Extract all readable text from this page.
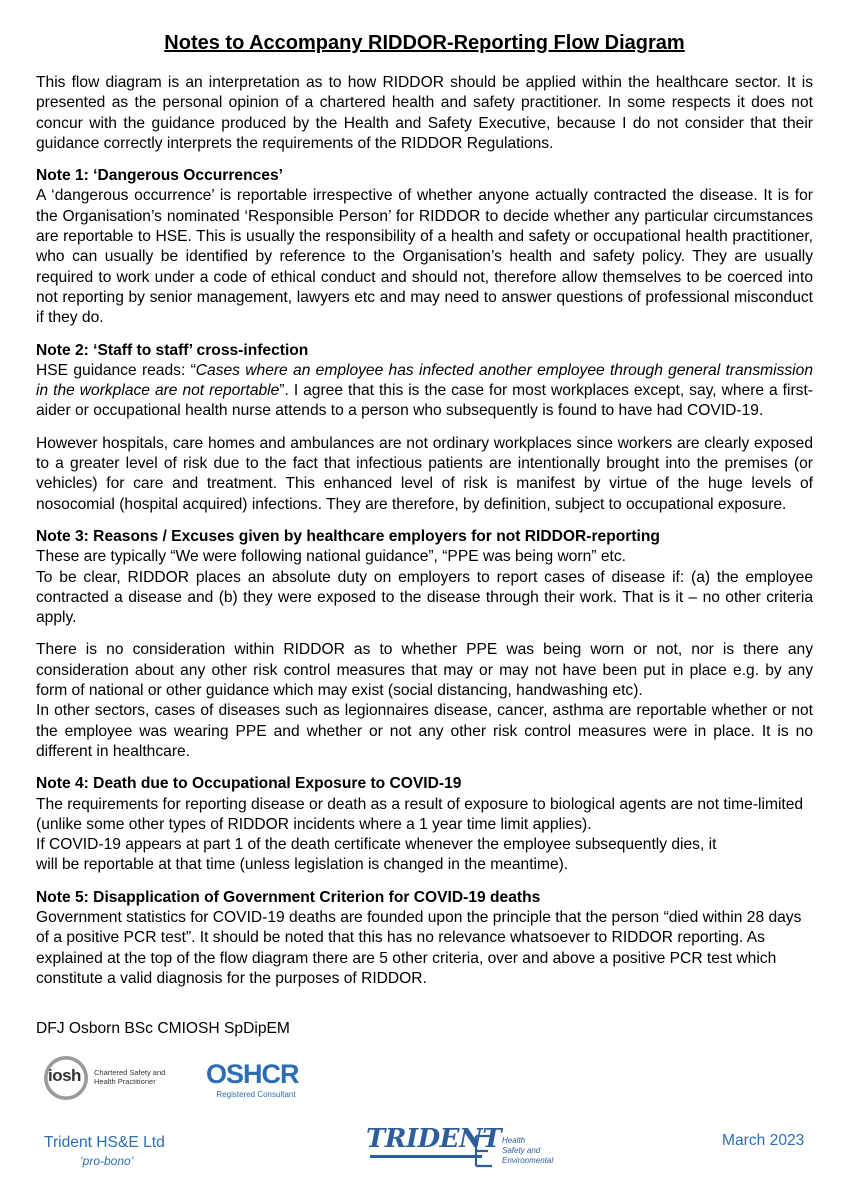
Notes to Accompany RIDDOR-Reporting Flow Diagram

This flow diagram is an interpretation as to how RIDDOR should be applied within the healthcare sector. It is presented as the personal opinion of a chartered health and safety practitioner. In some respects it does not concur with the guidance produced by the Health and Safety Executive, because I do not consider that their guidance correctly interprets the requirements of the RIDDOR Regulations.

Note 1: ‘Dangerous Occurrences’

A ‘dangerous occurrence’ is reportable irrespective of whether anyone actually contracted the disease. It is for the Organisation’s nominated ‘Responsible Person’ for RIDDOR to decide whether any particular circumstances are reportable to HSE. This is usually the responsibility of a health and safety or occupational health practitioner, who can usually be identified by reference to the Organisation’s health and safety policy. They are usually required to work under a code of ethical conduct and should not, therefore allow themselves to be coerced into not reporting by senior management, lawyers etc and may need to answer questions of professional misconduct if they do.

Note 2: ‘Staff to staff’ cross-infection

HSE guidance reads: “Cases where an employee has infected another employee through general transmission in the workplace are not reportable”. I agree that this is the case for most workplaces except, say, where a first-aider or occupational health nurse attends to a person who subsequently is found to have had COVID-19.

However hospitals, care homes and ambulances are not ordinary workplaces since workers are clearly exposed to a greater level of risk due to the fact that infectious patients are intentionally brought into the premises (or vehicles) for care and treatment. This enhanced level of risk is manifest by virtue of the huge levels of nosocomial (hospital acquired) infections. They are therefore, by definition, subject to occupational exposure.

Note 3: Reasons / Excuses given by healthcare employers for not RIDDOR-reporting

These are typically “We were following national guidance”, “PPE was being worn” etc.

To be clear, RIDDOR places an absolute duty on employers to report cases of disease if: (a) the employee contracted a disease and (b) they were exposed to the disease through their work. That is it – no other criteria apply.

There is no consideration within RIDDOR as to whether PPE was being worn or not, nor is there any consideration about any other risk control measures that may or may not have been put in place e.g. by any form of national or other guidance which may exist (social distancing, handwashing etc).

In other sectors, cases of diseases such as legionnaires disease, cancer, asthma are reportable whether or not the employee was wearing PPE and whether or not any other risk control measures were in place. It is no different in healthcare.

Note 4: Death due to Occupational Exposure to COVID-19

The requirements for reporting disease or death as a result of exposure to biological agents are not time-limited (unlike some other types of RIDDOR incidents where a 1 year time limit applies).

If COVID-19 appears at part 1 of the death certificate whenever the employee subsequently dies, it will be reportable at that time (unless legislation is changed in the meantime).

Note 5: Disapplication of Government Criterion for COVID-19 deaths

Government statistics for COVID-19 deaths are founded upon the principle that the person “died within 28 days of a positive PCR test”. It should be noted that this has no relevance whatsoever to RIDDOR reporting. As explained at the top of the flow diagram there are 5 other criteria, over and above a positive PCR test which constitute a valid diagnosis for the purposes of RIDDOR.

DFJ Osborn BSc CMIOSH SpDipEM
iosh Chartered Safety and
Health Practitioner	OSHCR
Registered Consultant
Trident HS&E Ltd
‘pro-bono’
TRIDENT Health
Safety and
Environmental
March 2023
